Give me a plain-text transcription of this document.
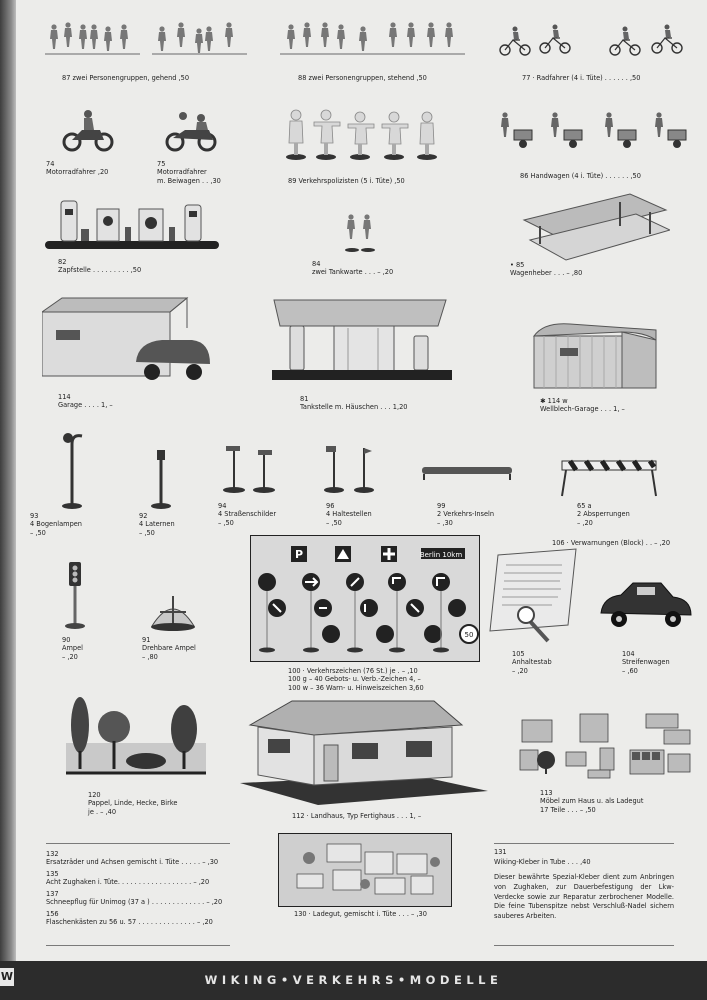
87 zwei Personengruppen, gehend ,50	88 zwei Personengruppen, stehend ,50	77 · Radfahrer (4 i. Tüte) . . . . . . ,50
74
Motorradfahrer ,20
75
Motorradfahrer
m. Beiwagen . . ,30	89 Verkehrspolizisten (5 i. Tüte) ,50
86 Handwagen (4 i. Tüte) . . . . . . ,50
82
Zapfstelle . . . . . . . . . ,50
84
zwei Tankwarte . . . – ,20
• 85
Wagenheber . . . – ,80
114
Garage . . . . 1, –
81
Tankstelle m. Häuschen . . . 1,20
✱ 114 w
Wellblech-Garage . . . 1, –
93
4 Bogenlampen
– ,50
92
4 Laternen
– ,50
94
4 Straßenschilder
– ,50
96
4 Haltestellen
– ,50
99
2 Verkehrs-Inseln
– ,30
65 a
2 Absperrungen
– ,20
106 · Verwarnungen (Block) . . – ,20
P	Berlin 10km
50
90
Ampel
– ,20
91
Drehbare Ampel
– ,80
100 · Verkehrszeichen (76 St.) je . – ,10
100 g – 40 Gebots- u. Verb.-Zeichen 4, –
100 w – 36 Warn- u. Hinweiszeichen 3,60
105
Anhaltestab
– ,20
104
Streifenwagen
– ,60
120
Pappel, Linde, Hecke, Birke
je . – ,40
112 · Landhaus, Typ Fertighaus . . . 1, –
113
Möbel zum Haus u. als Ladegut
17 Teile . . . – ,50
132
Ersatzräder und Achsen gemischt i. Tüte . . . . . – ,30
135
Acht Zughaken i. Tüte. . . . . . . . . . . . . . . . . . – ,20
137
Schneepflug für Unimog (37 a ) . . . . . . . . . . . . . – ,20
156
Flaschenkästen zu 56 u. 57 . . . . . . . . . . . . . . – ,20
130 · Ladegut, gemischt i. Tüte . . . – ,30
131
Wiking-Kleber in Tube . . . ,40
Dieser bewährte Spezial-Kleber dient zum Anbringen von Zughaken, zur Dauerbefestigung der Lkw-Verdecke sowie zur Reparatur zerbrochener Modelle. Die feine Tubenspitze nebst Verschluß-Nadel sichern sauberes Arbeiten.
W	WIKING•VERKEHRS•MODELLE
